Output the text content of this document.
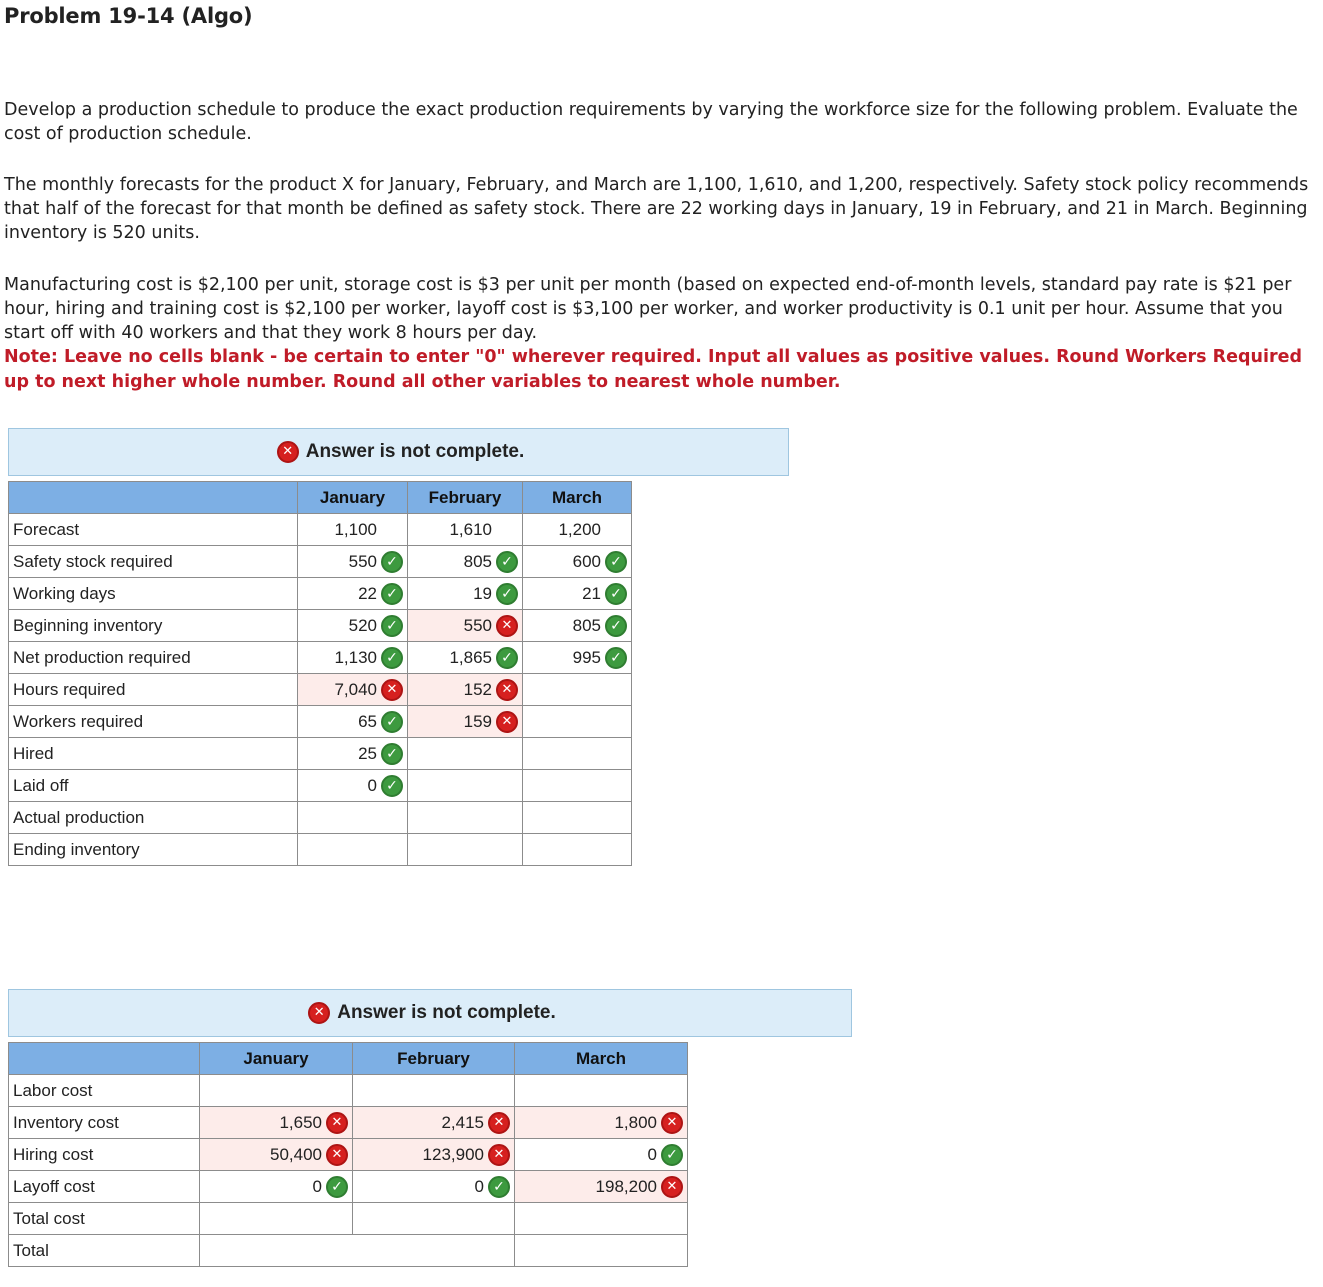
Problem 19-14 (Algo)
Develop a production schedule to produce the exact production requirements by varying the workforce size for the following problem. Evaluate the cost of production schedule.
The monthly forecasts for the product X for January, February, and March are 1,100, 1,610, and 1,200, respectively. Safety stock policy recommends that half of the forecast for that month be defined as safety stock. There are 22 working days in January, 19 in February, and 21 in March. Beginning inventory is 520 units.
Manufacturing cost is $2,100 per unit, storage cost is $3 per unit per month (based on expected end-of-month levels, standard pay rate is $21 per hour, hiring and training cost is $2,100 per worker, layoff cost is $3,100 per worker, and worker productivity is 0.1 unit per hour. Assume that you start off with 40 workers and that they work 8 hours per day.
Note: Leave no cells blank - be certain to enter "0" wherever required. Input all values as positive values. Round Workers Required up to next higher whole number. Round all other variables to nearest whole number.
✕ Answer is not complete.
	January	February	March
Forecast	1,100	1,610	1,200

Safety stock required	550 ✓	805 ✓	600 ✓

Working days	22 ✓	19 ✓	21 ✓

Beginning inventory	520 ✓	550 ✕	805 ✓

Net production required	1,130 ✓	1,865 ✓	995 ✓

Hours required	7,040 ✕	152 ✕	

Workers required	65 ✓	159 ✕	

Hired	25 ✓		

Laid off	0 ✓		

Actual production	

Ending inventory	

✕ Answer is not complete.
	January	February	March
Labor cost	

Inventory cost	1,650 ✕	2,415 ✕	1,800 ✕

Hiring cost	50,400 ✕	123,900 ✕	0 ✓

Layoff cost	0 ✓	0 ✓	198,200 ✕

Total cost	

Total		
